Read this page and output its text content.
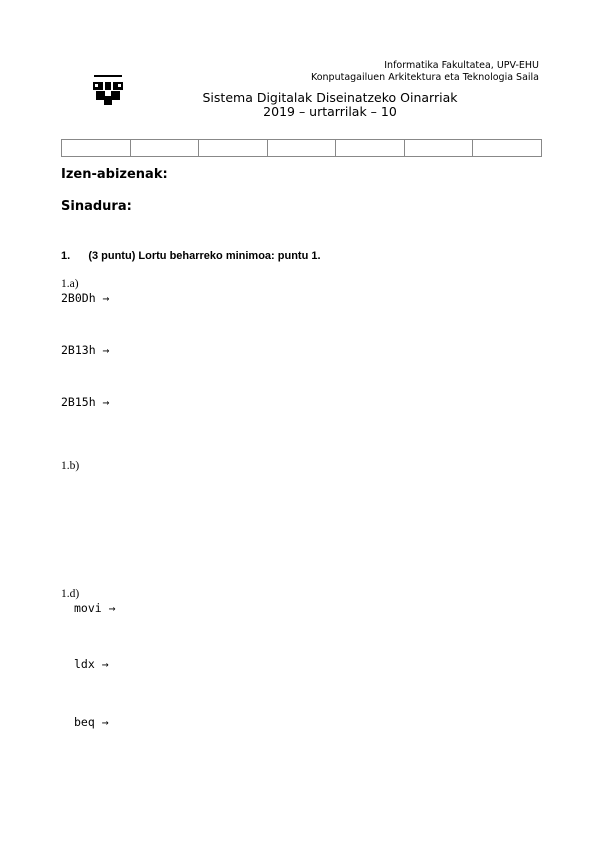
Informatika Fakultatea, UPV-EHU
Konputagailuen Arkitektura eta Teknologia Saila
Sistema Digitalak Diseinatzeko Oinarriak
2019 – urtarrilak – 10

Izen-abizenak:
Sinadura:
1. (3 puntu) Lortu beharreko minimoa: puntu 1.
1.a)
2B0Dh →
2B13h →
2B15h →
1.b)
1.d)
movi →
ldx →
beq →
